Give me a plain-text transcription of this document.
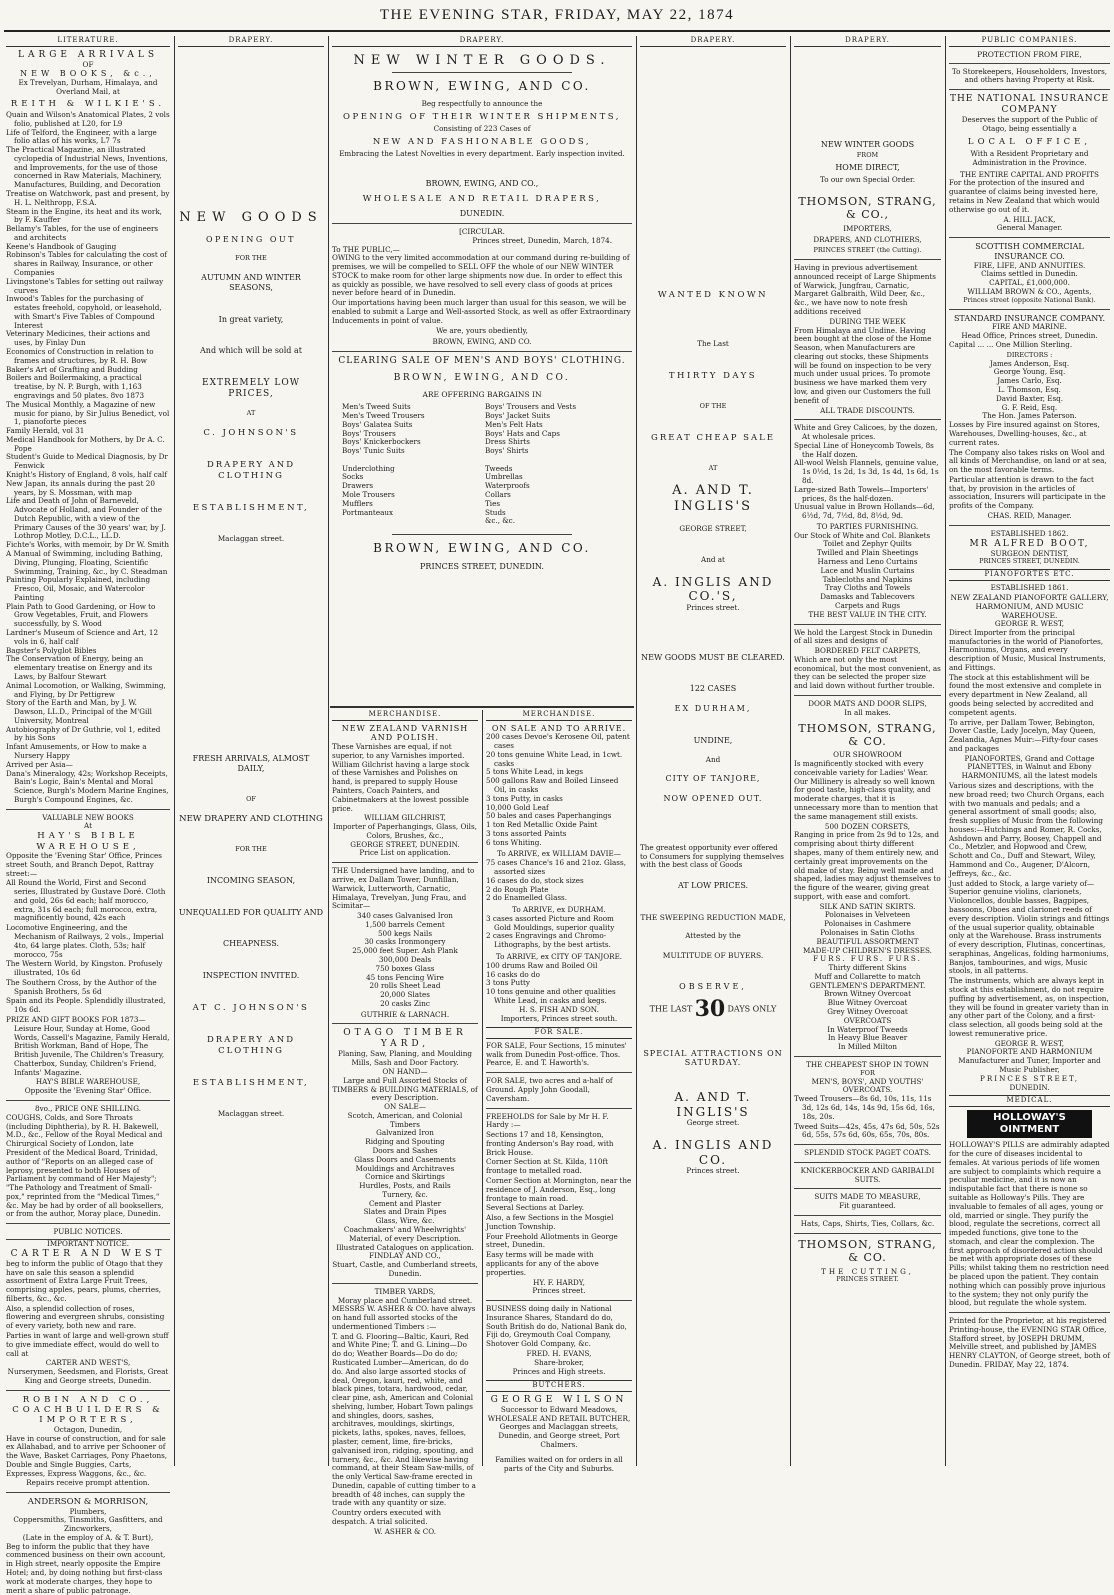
THE EVENING STAR, FRIDAY, MAY 22, 1874
LITERATURE.
LARGE ARRIVALS
OF
NEW BOOKS, &c.,
Ex Trevelyan, Durham, Himalaya, and Overland Mail, at
REITH & WILKIE'S.
Quain and Wilson's Anatomical Plates, 2 vols folio, published at L20, for L9
Life of Telford, the Engineer, with a large folio atlas of his works, L7 7s
The Practical Magazine, an illustrated cyclopedia of Industrial News, Inventions, and Improvements, for the use of those concerned in Raw Materials, Machinery, Manufactures, Building, and Decoration
Treatise on Watchwork, past and present, by H. L. Nelthropp, F.S.A.
Steam in the Engine, its heat and its work, by F. Kauffer
Bellamy's Tables, for the use of engineers and architects
Keene's Handbook of Gauging
Robinson's Tables for calculating the cost of shares in Railway, Insurance, or other Companies
Livingstone's Tables for setting out railway curves
Inwood's Tables for the purchasing of estates freehold, copyhold, or leasehold, with Smart's Five Tables of Compound Interest
Veterinary Medicines, their actions and uses, by Finlay Dun
Economics of Construction in relation to frames and structures, by R. H. Bow
Baker's Art of Grafting and Budding
Boilers and Boilermaking, a practical treatise, by N. P. Burgh, with 1,163 engravings and 50 plates. 8vo 1873
The Musical Monthly, a Magazine of new music for piano, by Sir Julius Benedict, vol 1, pianoforte pieces
Family Herald, vol 31
Medical Handbook for Mothers, by Dr A. C. Pope
Student's Guide to Medical Diagnosis, by Dr Fenwick
Knight's History of England, 8 vols, half calf
New Japan, its annals during the past 20 years, by S. Mossman, with map
Life and Death of John of Barneveld, Advocate of Holland, and Founder of the Dutch Republic, with a view of the Primary Causes of the 30 years' war, by J. Lothrop Motley, D.C.L., LL.D.
Fichte's Works, with memoir, by Dr W. Smith
A Manual of Swimming, including Bathing, Diving, Plunging, Floating, Scientific Swimming, Training, &c., by C. Steadman
Painting Popularly Explained, including Fresco, Oil, Mosaic, and Watercolor Painting
Plain Path to Good Gardening, or How to Grow Vegetables, Fruit, and Flowers successfully, by S. Wood
Lardner's Museum of Science and Art, 12 vols in 6, half calf
Bagster's Polyglot Bibles
The Conservation of Energy, being an elementary treatise on Energy and its Laws, by Balfour Stewart
Animal Locomotion, or Walking, Swimming, and Flying, by Dr Pettigrew
Story of the Earth and Man, by J. W. Dawson, LL.D., Principal of the M'Gill University, Montreal
Autobiography of Dr Guthrie, vol 1, edited by his Sons
Infant Amusements, or How to make a Nursery Happy
Arrived per Asia—
Dana's Mineralogy, 42s; Workshop Receipts, Bain's Logic, Bain's Mental and Moral Science, Burgh's Modern Marine Engines, Burgh's Compound Engines, &c.
VALUABLE NEW BOOKS
At
HAY'S BIBLE WAREHOUSE,

Opposite the 'Evening Star' Office, Princes street South, and Branch Depot, Rattray street:—

All Round the World, First and Second series, Illustrated by Gustave Doré. Cloth and gold, 26s 6d each; half morocco, extra, 31s 6d each; full morocco, extra, magnificently bound, 42s each

Locomotive Engineering, and the Mechanism of Railways, 2 vols., Imperial 4to, 64 large plates. Cloth, 53s; half morocco, 75s

The Western World, by Kingston. Profusely illustrated, 10s 6d

The Southern Cross, by the Author of the Spanish Brothers, 5s 6d

Spain and its People. Splendidly illustrated, 10s 6d.

PRIZE AND GIFT BOOKS FOR 1873—Leisure Hour, Sunday at Home, Good Words, Cassell's Magazine, Family Herald, British Workman, Band of Hope, The British Juvenile, The Children's Treasury, Chatterbox, Sunday, Children's Friend, Infants' Magazine.

HAY'S BIBLE WAREHOUSE,
Opposite the 'Evening Star' Office.
8vo., PRICE ONE SHILLING.

COUGHS, Colds, and Sore Throats (including Diphtheria), by R. H. Bakewell, M.D., &c., Fellow of the Royal Medical and Chirurgical Society of London, late President of the Medical Board, Trinidad, author of "Reports on an alleged case of leprosy, presented to both Houses of Parliament by command of Her Majesty"; "The Pathology and Treatment of Small-pox," reprinted from the "Medical Times," &c. May be had by order of all booksellers, or from the author, Moray place, Dunedin.

PUBLIC NOTICES.
IMPORTANT NOTICE.
CARTER AND WEST

beg to inform the public of Otago that they have on sale this season a splendid assortment of Extra Large Fruit Trees, comprising apples, pears, plums, cherries, filberts, &c., &c.

Also, a splendid collection of roses, flowering and evergreen shrubs, consisting of every variety, both new and rare.

Parties in want of large and well-grown stuff to give immediate effect, would do well to call at

CARTER AND WEST'S,
Nurserymen, Seedsmen, and Florists, Great King and George streets, Dunedin.
ROBIN AND CO., COACHBUILDERS & IMPORTERS,
Octagon, Dunedin,

Have in course of construction, and for sale ex Allahabad, and to arrive per Schooner of the Wave, Basket Carriages, Pony Phaetons, Double and Single Buggies, Carts, Expresses, Express Waggons, &c., &c.

Repairs receive prompt attention.
ANDERSON & MORRISON,
Plumbers,
Coppersmiths, Tinsmiths, Gasfitters, and Zincworkers,
(Late in the employ of A. & T. Burt),

Beg to inform the public that they have commenced business on their own account, in High street, nearly opposite the Empire Hotel; and, by doing nothing but first-class work at moderate charges, they hope to merit a share of public patronage.

DRAPERY.
NEW GOODS
OPENING OUT
FOR THE
AUTUMN AND WINTER SEASONS,
In great variety,
And which will be sold at
EXTREMELY LOW PRICES,
AT
C. JOHNSON'S
DRAPERY AND CLOTHING
ESTABLISHMENT,
Maclaggan street.
FRESH ARRIVALS, ALMOST DAILY,
OF
NEW DRAPERY AND CLOTHING
FOR THE
INCOMING SEASON,
UNEQUALLED FOR QUALITY AND
CHEAPNESS.
INSPECTION INVITED.
AT C. JOHNSON'S
DRAPERY AND CLOTHING
ESTABLISHMENT,
Maclaggan street.
DRAPERY.
NEW WINTER GOODS.
BROWN, EWING, AND CO.
Beg respectfully to announce the
OPENING OF THEIR WINTER SHIPMENTS,
Consisting of 223 Cases of
NEW AND FASHIONABLE GOODS,
Embracing the Latest Novelties in every department. Early inspection invited.
BROWN, EWING, AND CO.,
WHOLESALE AND RETAIL DRAPERS,
DUNEDIN.
[CIRCULAR.
Princes street, Dunedin, March, 1874.
To THE PUBLIC,—

OWING to the very limited accommodation at our command during re-building of premises, we will be compelled to SELL OFF the whole of our NEW WINTER STOCK to make room for other large shipments now due. In order to effect this as quickly as possible, we have resolved to sell every class of goods at prices never before heard of in Dunedin.

Our importations having been much larger than usual for this season, we will be enabled to submit a Large and Well-assorted Stock, as well as offer Extraordinary Inducements in point of value.

We are, yours obediently,
BROWN, EWING, AND CO.
CLEARING SALE OF MEN'S AND BOYS' CLOTHING.
BROWN, EWING, AND CO.
ARE OFFERING BARGAINS IN
Men's Tweed Suits
Men's Tweed Trousers
Boys' Galatea Suits
Boys' Trousers
Boys' Knickerbockers
Boys' Tunic Suits

Underclothing
Socks
Drawers
Mole Trousers
Mufflers
Portmanteaux
Boys' Trousers and Vests
Boys' Jacket Suits
Men's Felt Hats
Boys' Hats and Caps
Dress Shirts
Boys' Shirts

Tweeds
Umbrellas
Waterproofs
Collars
Ties
Studs
&c., &c.
BROWN, EWING, AND CO.
PRINCES STREET, DUNEDIN.
MERCHANDISE.
NEW ZEALAND VARNISH AND POLISH.

These Varnishes are equal, if not superior, to any Varnishes imported. William Gilchrist having a large stock of these Varnishes and Polishes on hand, is prepared to supply House Painters, Coach Painters, and Cabinetmakers at the lowest possible price.

WILLIAM GILCHRIST,
Importer of Paperhangings, Glass, Oils, Colors, Brushes, &c.,
GEORGE STREET, DUNEDIN.
Price List on application.

THE Undersigned have landing, and to arrive, ex Dallam Tower, Dunfillan, Warwick, Lutterworth, Carnatic, Himalaya, Trevelyan, Jung Frau, and Scimitar—

340 cases Galvanised Iron
1,500 barrels Cement
500 kegs Nails
30 casks Ironmongery
25,000 feet Super. Ash Plank
300,000 Deals
750 boxes Glass
45 tons Fencing Wire
20 rolls Sheet Lead
20,000 Slates
20 casks Zinc
GUTHRIE & LARNACH.
OTAGO TIMBER YARD,
Planing, Saw, Planing, and Moulding Mills, Sash and Door Factory.
ON HAND—
Large and Full Assorted Stocks of TIMBERS & BUILDING MATERIALS, of every Description.
ON SALE—
Scotch, American, and Colonial Timbers
Galvanized Iron
Ridging and Spouting
Doors and Sashes
Glass Doors and Casements
Mouldings and Architraves
Cornice and Skirtings
Hurdles, Posts, and Rails
Turnery, &c.
Cement and Plaster
Slates and Drain Pipes
Glass, Wire, &c.
Coachmakers' and Wheelwrights' Material, of every Description.
Illustrated Catalogues on application.
FINDLAY AND CO.,
Stuart, Castle, and Cumberland streets, Dunedin.
TIMBER YARDS,
Moray place and Cumberland street.

MESSRS W. ASHER & CO. have always on hand full assorted stocks of the undermentioned Timbers :—

T. and G. Flooring—Baltic, Kauri, Red and White Pine; T. and G. Lining—Do do do; Weather Boards—Do do do; Rusticated Lumber—American, do do do. And also large assorted stocks of deal, Oregon, kauri, red, white, and black pines, totara, hardwood, cedar, clear pine, ash, American and Colonial shelving, lumber, Hobart Town palings and shingles, doors, sashes, architraves, mouldings, skirtings, pickets, laths, spokes, naves, felloes, plaster, cement, lime, fire-bricks, galvanised iron, ridging, spouting, and turnery, &c., &c. And likewise having command, at their Steam Saw-mills, of the only Vertical Saw-frame erected in Dunedin, capable of cutting timber to a breadth of 48 inches, can supply the trade with any quantity or size.

Country orders executed with despatch. A trial solicited.

W. ASHER & CO.
MERCHANDISE.
ON SALE AND TO ARRIVE.
200 cases Devoe's Kerosene Oil, patent cases
20 tons genuine White Lead, in 1cwt. casks
5 tons White Lead, in kegs
500 gallons Raw and Boiled Linseed Oil, in casks
3 tons Putty, in casks
10,000 Gold Leaf
50 bales and cases Paperhangings
1 ton Red Metallic Oxide Paint
3 tons assorted Paints
6 tons Whiting.
To ARRIVE, ex WILLIAM DAVIE—
75 cases Chance's 16 and 21oz. Glass, assorted sizes
16 cases do do, stock sizes
2 do Rough Plate
2 do Enamelled Glass.
To ARRIVE, ex DURHAM.
3 cases assorted Picture and Room Gold Mouldings, superior quality
2 cases Engravings and Chromo-Lithographs, by the best artists.
To ARRIVE, ex CITY OF TANJORE.
100 drums Raw and Boiled Oil
16 casks do do
3 tons Putty
10 tons genuine and other qualities White Lead, in casks and kegs.
H. S. FISH AND SON.
Importers, Princes street south.
FOR SALE.

FOR SALE, Four Sections, 15 minutes' walk from Dunedin Post-office. Thos. Pearce, E. and T. Haworth's.

FOR SALE, two acres and a-half of Ground. Apply John Goodall, Caversham.

FREEHOLDS for Sale by Mr H. F. Hardy :—

Sections 17 and 18, Kensington, fronting Anderson's Bay road, with Brick House.

Corner Section at St. Kilda, 110ft frontage to metalled road.

Corner Section at Mornington, near the residence of J. Anderson, Esq., long frontage to main road.

Several Sections at Darley.

Also, a few Sections in the Mosgiel Junction Township.

Four Freehold Allotments in George street, Dunedin.

Easy terms will be made with applicants for any of the above properties.

HY. F. HARDY,
Princes street.

BUSINESS doing daily in National Insurance Shares, Standard do do, South British do do, National Bank do, Fiji do, Greymouth Coal Company, Shotover Gold Company, &c.

FRED. H. EVANS,
Share-broker,
Princes and High streets.
BUTCHERS.
GEORGE WILSON
Successor to Edward Meadows,
WHOLESALE AND RETAIL BUTCHER,
Georges and Maclaggan streets, Dunedin, and George street, Port Chalmers.
Families waited on for orders in all parts of the City and Suburbs.
DRAPERY.
WANTED KNOWN
The Last
THIRTY DAYS
OF THE
GREAT CHEAP SALE
AT
A. AND T. INGLIS'S
GEORGE STREET,
And at
A. INGLIS AND CO.'S,
Princes street.
NEW GOODS MUST BE CLEARED.
122 CASES
EX DURHAM,
UNDINE,
And
CITY OF TANJORE,
NOW OPENED OUT.

The greatest opportunity ever offered to Consumers for supplying themselves with the best class of Goods

AT LOW PRICES.
THE SWEEPING REDUCTION MADE,
Attested by the
MULTITUDE OF BUYERS.
OBSERVE,
THE LAST 30 DAYS ONLY
SPECIAL ATTRACTIONS ON SATURDAY.
A. AND T. INGLIS'S
George street.
A. INGLIS AND CO.
Princes street.
DRAPERY.
NEW WINTER GOODS
FROM
HOME DIRECT,
To our own Special Order.
THOMSON, STRANG, & CO.,
IMPORTERS,
DRAPERS, AND CLOTHIERS,
PRINCES STREET (the Cutting).

Having in previous advertisement announced receipt of Large Shipments of Warwick, Jungfrau, Carnatic, Margaret Galbraith, Wild Deer, &c., &c., we have now to note fresh additions received

DURING THE WEEK

From Himalaya and Undine. Having been bought at the close of the Home Season, when Manufacturers are clearing out stocks, these Shipments will be found on inspection to be very much under usual prices. To promote business we have marked them very low, and given our Customers the full benefit of

ALL TRADE DISCOUNTS.
White and Grey Calicoes, by the dozen, At wholesale prices.
Special Line of Honeycomb Towels, 8s the Half dozen.
All-wool Welsh Flannels, genuine value, 1s 0½d, 1s 2d, 1s 3d, 1s 4d, 1s 6d, 1s 8d.
Large-sized Bath Towels—Importers' prices, 8s the half-dozen.
Unusual value in Brown Hollands—6d, 6½d, 7d, 7½d, 8d, 8½d, 9d.
TO PARTIES FURNISHING.
Our Stock of White and Col. Blankets
Toilet and Zephyr Quilts
Twilled and Plain Sheetings
Harness and Leno Curtains
Lace and Muslin Curtains
Tablecloths and Napkins
Tray Cloths and Towels
Damasks and Tablecovers
Carpets and Rugs
THE BEST VALUE IN THE CITY.

We hold the Largest Stock in Dunedin of all sizes and designs of

BORDERED FELT CARPETS,

Which are not only the most economical, but the most convenient, as they can be selected the proper size and laid down without further trouble.

DOOR MATS AND DOOR SLIPS,
In all makes.
THOMSON, STRANG, & CO.
OUR SHOWROOM

Is magnificently stocked with every conceivable variety for Ladies' Wear. Our Millinery is already so well known for good taste, high-class quality, and moderate charges, that it is unnecessary more than to mention that the same management still exists.

500 DOZEN CORSETS,

Ranging in price from 2s 9d to 12s, and comprising about thirty different shapes, many of them entirely new, and certainly great improvements on the old make of stay. Being well made and shaped, ladies may adjust themselves to the figure of the wearer, giving great support, with ease and comfort.

SILK AND SATIN SKIRTS.
Polonaises in Velveteen
Polonaises in Cashmere
Polonaises in Satin Cloths
BEAUTIFUL ASSORTMENT
MADE-UP CHILDREN'S DRESSES.
FURS. FURS. FURS.
Thirty different Skins
Muff and Collarette to match
GENTLEMEN'S DEPARTMENT.
Brown Witney Overcoat
Blue Witney Overcoat
Grey Witney Overcoat
OVERCOATS
In Waterproof Tweeds
In Heavy Blue Beaver
In Milled Milton
THE CHEAPEST SHOP IN TOWN
FOR
MEN'S, BOYS', AND YOUTHS' OVERCOATS.

Tweed Trousers—8s 6d, 10s, 11s, 11s 3d, 12s 6d, 14s, 14s 9d, 15s 6d, 16s, 18s, 20s.

Tweed Suits—42s, 45s, 47s 6d, 50s, 52s 6d, 55s, 57s 6d, 60s, 65s, 70s, 80s.

SPLENDID STOCK PAGET COATS.
KNICKERBOCKER AND GARIBALDI SUITS.
SUITS MADE TO MEASURE,
Fit guaranteed.
Hats, Caps, Shirts, Ties, Collars, &c.
THOMSON, STRANG, & CO.
THE CUTTING,
PRINCES STREET.
PUBLIC COMPANIES.
PROTECTION FROM FIRE,

To Storekeepers, Householders, Investors, and others having Property at Risk.

THE NATIONAL INSURANCE COMPANY

Deserves the support of the Public of Otago, being essentially a

LOCAL OFFICE,

With a Resident Proprietary and Administration in the Province.

THE ENTIRE CAPITAL AND PROFITS

For the protection of the insured and guarantee of claims being invested here, retains in New Zealand that which would otherwise go out of it.

A. HILL JACK,
General Manager.
SCOTTISH COMMERCIAL INSURANCE CO.
FIRE, LIFE, AND ANNUITIES.
Claims settled in Dunedin.
CAPITAL, £1,000,000.
WILLIAM BROWN & CO., Agents,
Princes street (opposite National Bank).
STANDARD INSURANCE COMPANY.
FIRE AND MARINE.
Head Office, Princes street, Dunedin.
Capital ... ... One Million Sterling.
DIRECTORS :
James Anderson, Esq.
George Young, Esq.
James Carlo, Esq.
L. Thomson, Esq.
David Baxter, Esq.
G. F. Reid, Esq.
The Hon. James Paterson.

Losses by Fire insured against on Stores, Warehouses, Dwelling-houses, &c., at current rates.

The Company also takes risks on Wool and all kinds of Merchandise, on land or at sea, on the most favorable terms.

Particular attention is drawn to the fact that, by provision in the articles of association, Insurers will participate in the profits of the Company.

CHAS. REID, Manager.
ESTABLISHED 1862.
MR ALFRED BOOT,
SURGEON DENTIST,
PRINCES STREET, DUNEDIN.
PIANOFORTES ETC.
ESTABLISHED 1861.
NEW ZEALAND PIANOFORTE GALLERY, HARMONIUM, AND MUSIC WAREHOUSE.
GEORGE R. WEST,

Direct Importer from the principal manufactories in the world of Pianofortes, Harmoniums, Organs, and every description of Music, Musical Instruments, and Fittings.

The stock at this establishment will be found the most extensive and complete in every department in New Zealand, all goods being selected by accredited and competent agents.

To arrive, per Dallam Tower, Bebington, Dover Castle, Lady Jocelyn, May Queen, Zealandia, Agnes Muir:—Fifty-four cases and packages

PIANOFORTES, Grand and Cottage PIANETTES, in Walnut and Ebony HARMONIUMS, all the latest models

Various sizes and descriptions, with the new broad reed; two Church Organs, each with two manuals and pedals; and a general assortment of small goods; also, fresh supplies of Music from the following houses:—Hutchings and Romer, R. Cocks, Ashdown and Parry, Boosey, Chappell and Co., Metzler, and Hopwood and Crew, Schott and Co., Duff and Stewart, Wiley, Hammond and Co., Augener, D'Alcorn, Jeffreys, &c., &c.

Just added to Stock, a large variety of—Superior genuine violins, clarionets, Violoncellos, double basses, Bagpipes, bassoons, Oboes and clarionet reeds of every description. Violin strings and fittings of the usual superior quality, obtainable only at the Warehouse. Brass instruments of every description, Flutinas, concertinas, seraphinas, Angelicas, folding harmoniums, Banjos, tambourines, and wigs, Music stools, in all patterns.

The instruments, which are always kept in stock at this establishment, do not require puffing by advertisement, as, on inspection, they will be found in greater variety than in any other part of the Colony, and a first-class selection, all goods being sold at the lowest remunerative price.

GEORGE R. WEST,
PIANOFORTE AND HARMONIUM
Manufacturer and Tuner, Importer and Music Publisher,
PRINCES STREET,
DUNEDIN.
MEDICAL.
HOLLOWAY'S OINTMENT

HOLLOWAY'S PILLS are admirably adapted for the cure of diseases incidental to females. At various periods of life women are subject to complaints which require a peculiar medicine, and it is now an indisputable fact that there is none so suitable as Holloway's Pills. They are invaluable to females of all ages, young or old, married or single. They purify the blood, regulate the secretions, correct all impeded functions, give tone to the stomach, and clear the complexion. The first approach of disordered action should be met with appropriate doses of these Pills; whilst taking them no restriction need be placed upon the patient. They contain nothing which can possibly prove injurious to the system; they not only purify the blood, but regulate the whole system.

Printed for the Proprietor, at his registered Printing-house, the EVENING STAR Office, Stafford street, by JOSEPH DRUMM, Melville street, and published by JAMES HENRY CLAYTON, of George street, both of Dunedin. FRIDAY, May 22, 1874.
